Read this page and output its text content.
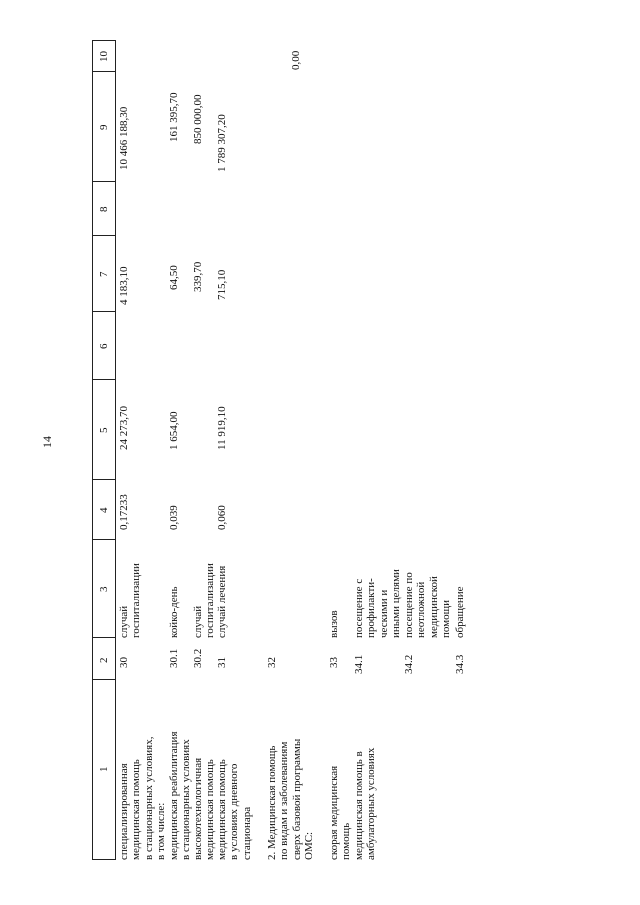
14
1
2
3
4
5
6
7
8
9
10
специализированная
медицинская помощь
в стационарных условиях,
в том числе:
30
случай
госпитализации
0,17233
24 273,70
4 183,10
10 466 188,30
медицинская реабилитация
в стационарных условиях
30.1
койко-день
0,039
1 654,00
64,50
161 395,70
высокотехнологичная
медицинская помощь
30.2
случай
госпитализации
339,70
850 000,00
медицинская помощь
в условиях дневного
стационара
31
случай лечения
0,060
11 919,10
715,10
1 789 307,20
2. Медицинская помощь
по видам и заболеваниям
сверх базовой программы
ОМС:
32
0,00
скорая медицинская
помощь
33
вызов
медицинская помощь в
амбулаторных условиях
34.1
посещение с
профилакти-
ческими и
иными целями
34.2
посещение по
неотложной
медицинской
помощи
34.3
обращение
